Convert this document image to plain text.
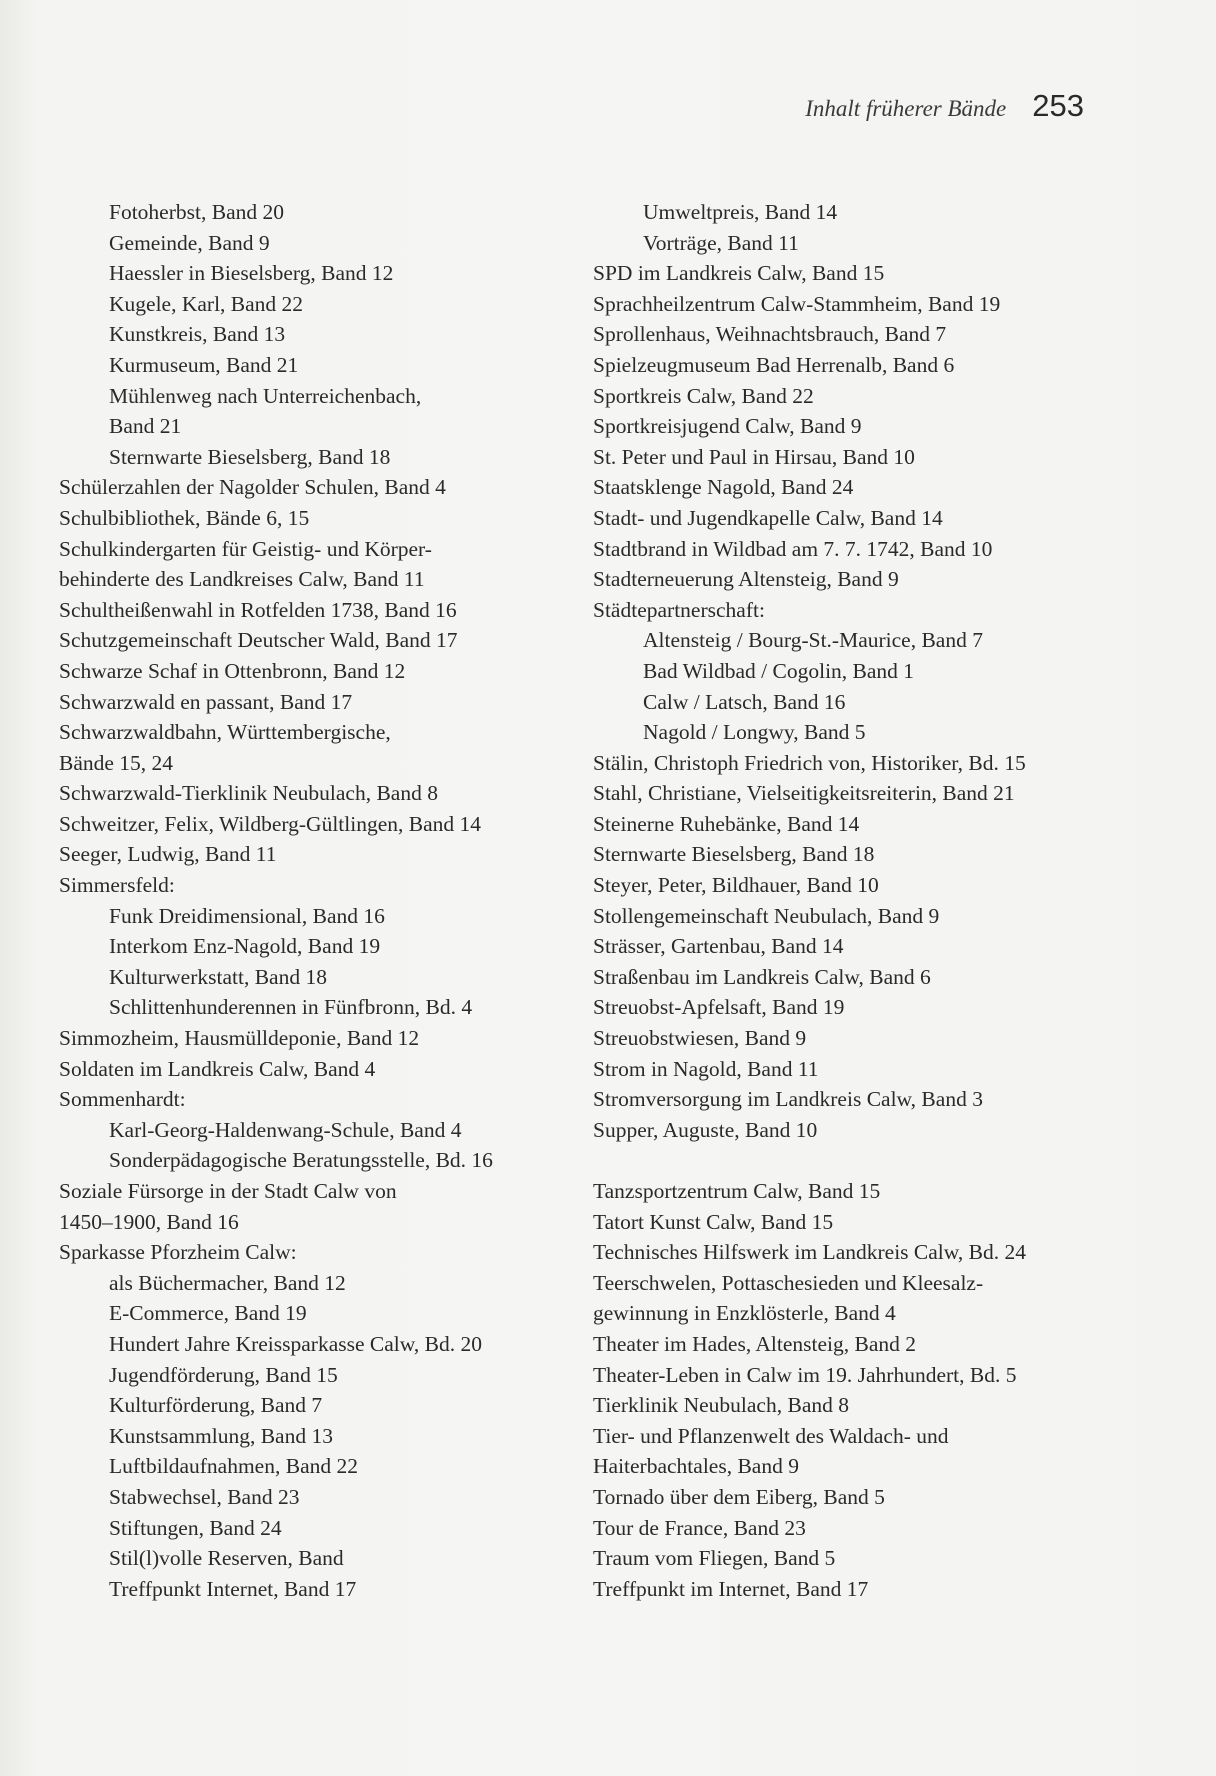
Inhalt früherer Bände 253
Fotoherbst, Band 20
Gemeinde, Band 9
Haessler in Bieselsberg, Band 12
Kugele, Karl, Band 22
Kunstkreis, Band 13
Kurmuseum, Band 21
Mühlenweg nach Unterreichenbach,
Band 21
Sternwarte Bieselsberg, Band 18
Schülerzahlen der Nagolder Schulen, Band 4
Schulbibliothek, Bände 6, 15
Schulkindergarten für Geistig- und Körper-
behinderte des Landkreises Calw, Band 11
Schultheißenwahl in Rotfelden 1738, Band 16
Schutzgemeinschaft Deutscher Wald, Band 17
Schwarze Schaf in Ottenbronn, Band 12
Schwarzwald en passant, Band 17
Schwarzwaldbahn, Württembergische,
Bände 15, 24
Schwarzwald-Tierklinik Neubulach, Band 8
Schweitzer, Felix, Wildberg-Gültlingen, Band 14
Seeger, Ludwig, Band 11
Simmersfeld:
Funk Dreidimensional, Band 16
Interkom Enz-Nagold, Band 19
Kulturwerkstatt, Band 18
Schlittenhunderennen in Fünfbronn, Bd. 4
Simmozheim, Hausmülldeponie, Band 12
Soldaten im Landkreis Calw, Band 4
Sommenhardt:
Karl-Georg-Haldenwang-Schule, Band 4
Sonderpädagogische Beratungsstelle, Bd. 16
Soziale Fürsorge in der Stadt Calw von
1450–1900, Band 16
Sparkasse Pforzheim Calw:
als Büchermacher, Band 12
E-Commerce, Band 19
Hundert Jahre Kreissparkasse Calw, Bd. 20
Jugendförderung, Band 15
Kulturförderung, Band 7
Kunstsammlung, Band 13
Luftbildaufnahmen, Band 22
Stabwechsel, Band 23
Stiftungen, Band 24
Stil(l)volle Reserven, Band
Treffpunkt Internet, Band 17
Umweltpreis, Band 14
Vorträge, Band 11
SPD im Landkreis Calw, Band 15
Sprachheilzentrum Calw-Stammheim, Band 19
Sprollenhaus, Weihnachtsbrauch, Band 7
Spielzeugmuseum Bad Herrenalb, Band 6
Sportkreis Calw, Band 22
Sportkreisjugend Calw, Band 9
St. Peter und Paul in Hirsau, Band 10
Staatsklenge Nagold, Band 24
Stadt- und Jugendkapelle Calw, Band 14
Stadtbrand in Wildbad am 7. 7. 1742, Band 10
Stadterneuerung Altensteig, Band 9
Städtepartnerschaft:
Altensteig / Bourg-St.-Maurice, Band 7
Bad Wildbad / Cogolin, Band 1
Calw / Latsch, Band 16
Nagold / Longwy, Band 5
Stälin, Christoph Friedrich von, Historiker, Bd. 15
Stahl, Christiane, Vielseitigkeitsreiterin, Band 21
Steinerne Ruhebänke, Band 14
Sternwarte Bieselsberg, Band 18
Steyer, Peter, Bildhauer, Band 10
Stollengemeinschaft Neubulach, Band 9
Strässer, Gartenbau, Band 14
Straßenbau im Landkreis Calw, Band 6
Streuobst-Apfelsaft, Band 19
Streuobstwiesen, Band 9
Strom in Nagold, Band 11
Stromversorgung im Landkreis Calw, Band 3
Supper, Auguste, Band 10
Tanzsportzentrum Calw, Band 15
Tatort Kunst Calw, Band 15
Technisches Hilfswerk im Landkreis Calw, Bd. 24
Teerschwelen, Pottaschesieden und Kleesalz-
gewinnung in Enzklösterle, Band 4
Theater im Hades, Altensteig, Band 2
Theater-Leben in Calw im 19. Jahrhundert, Bd. 5
Tierklinik Neubulach, Band 8
Tier- und Pflanzenwelt des Waldach- und
Haiterbachtales, Band 9
Tornado über dem Eiberg, Band 5
Tour de France, Band 23
Traum vom Fliegen, Band 5
Treffpunkt im Internet, Band 17
